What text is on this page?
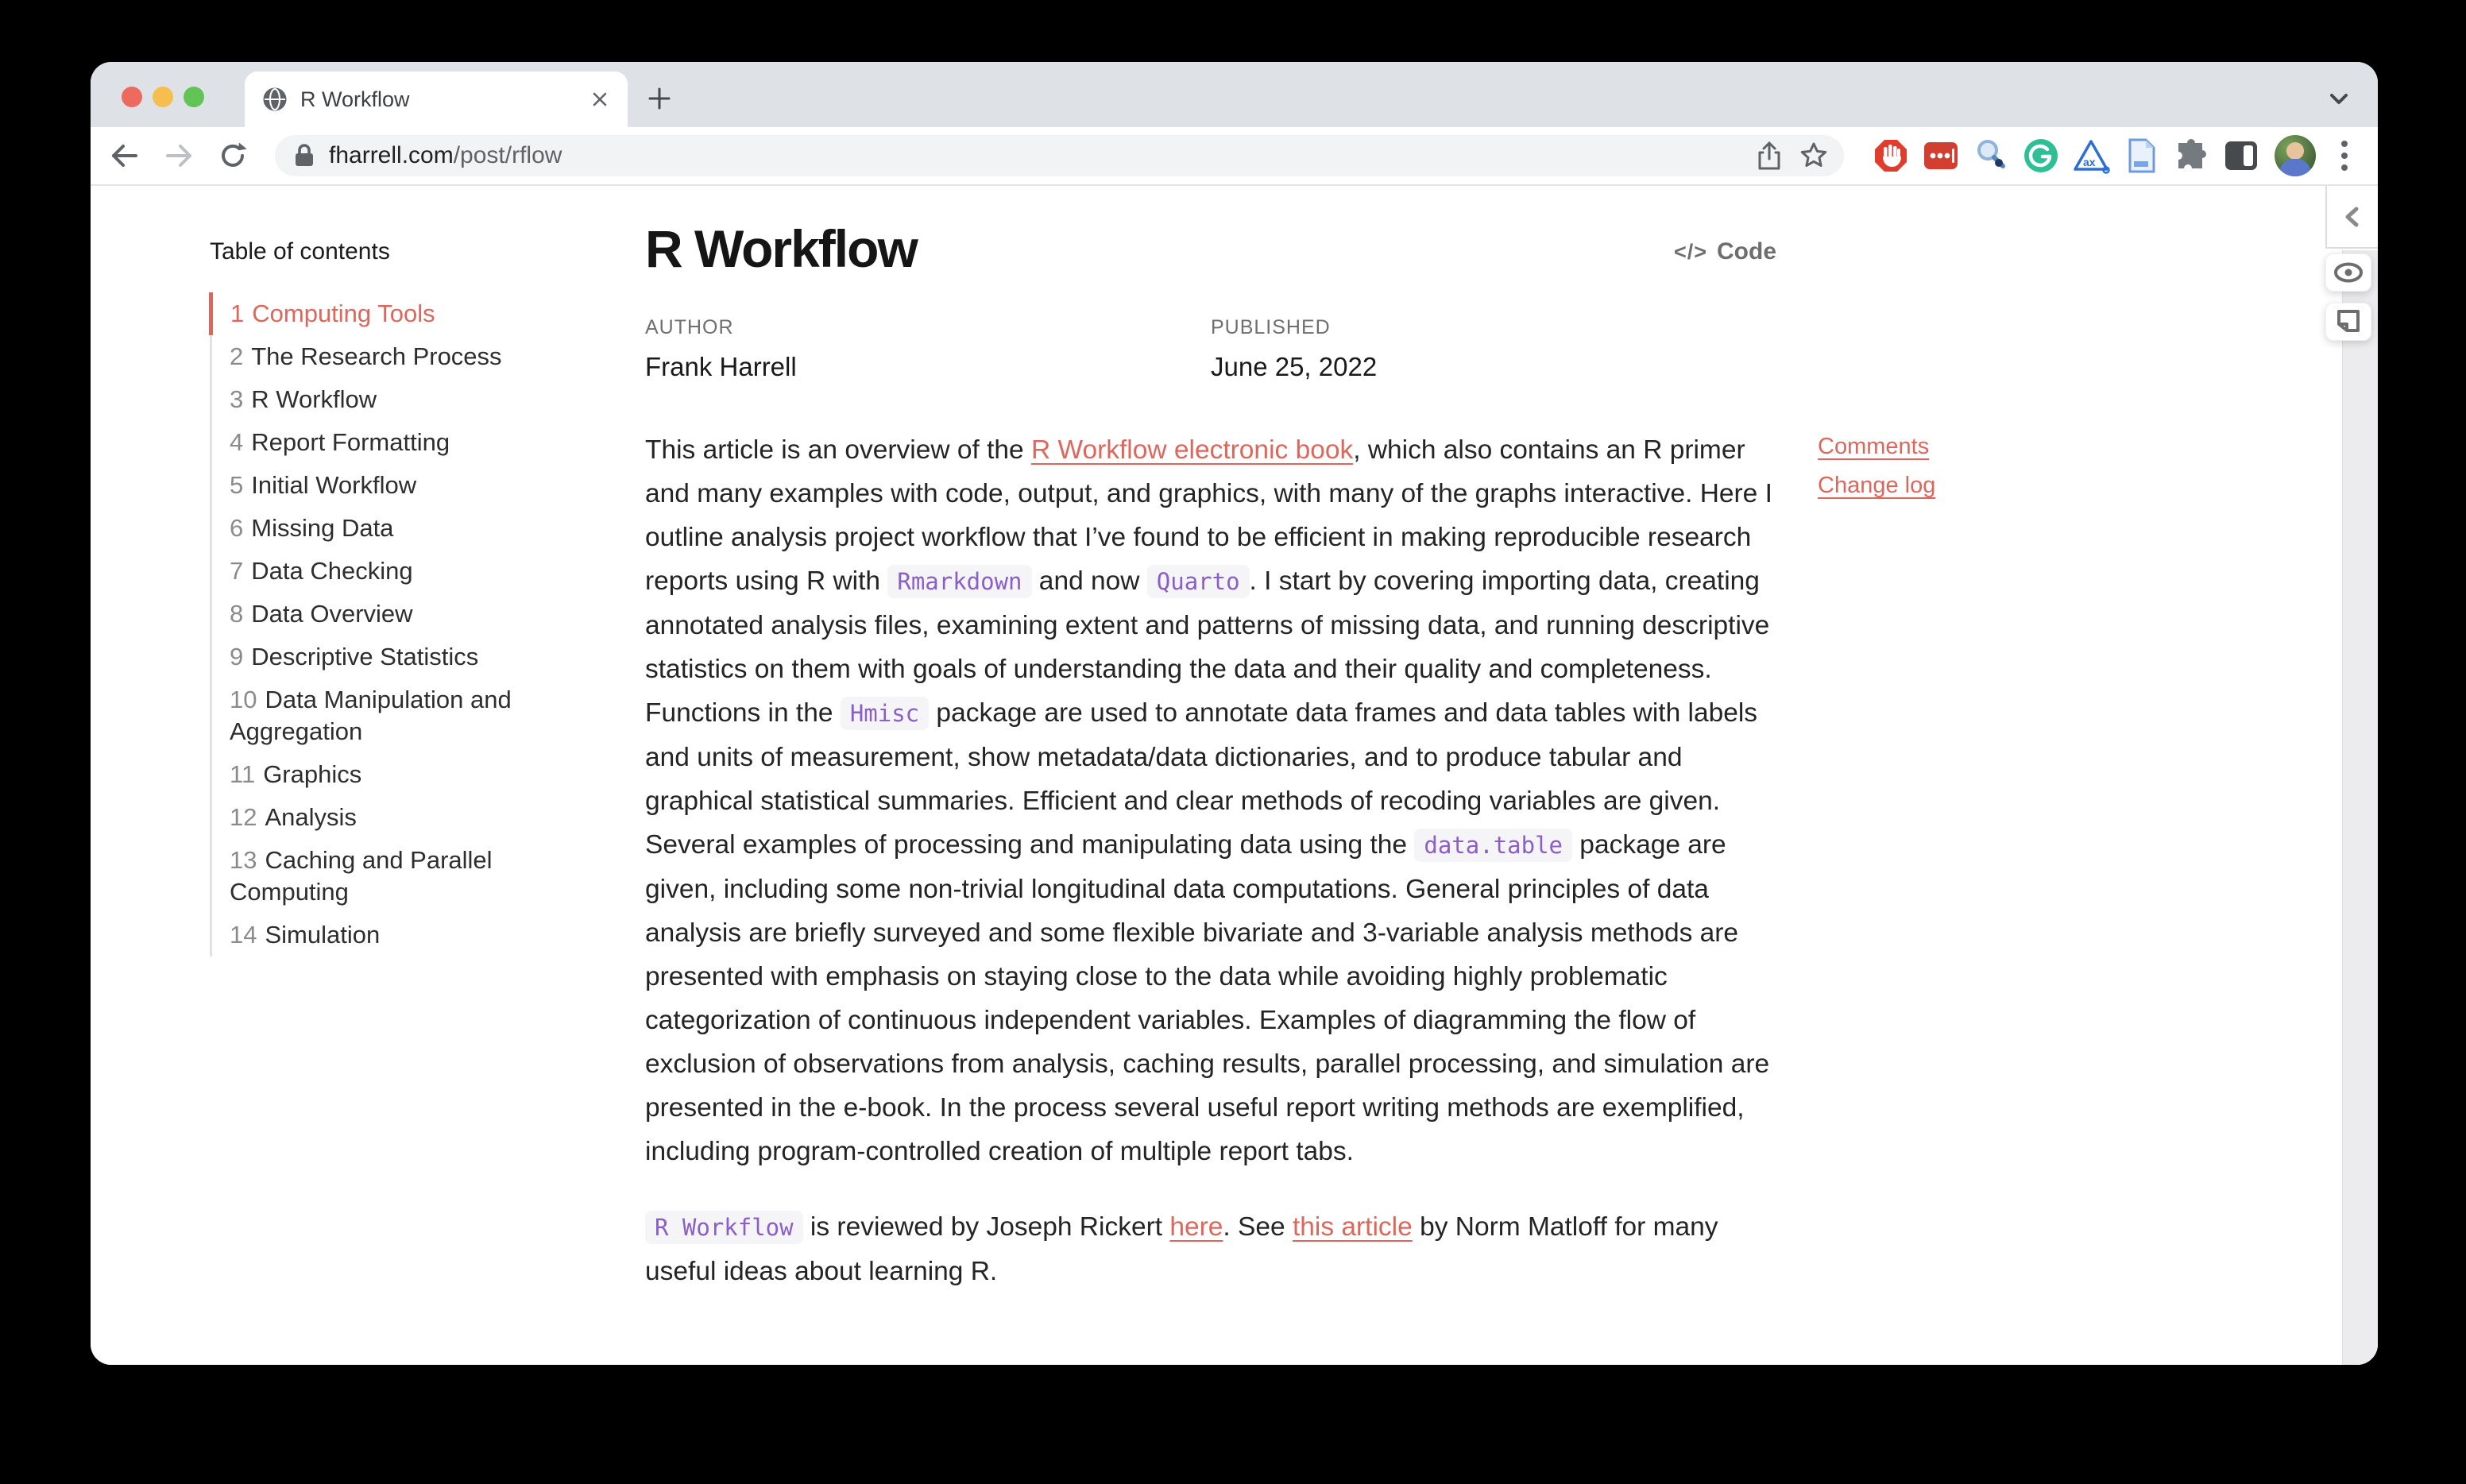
R Workflow
fharrell.com/post/rflow	ax
Table of contents
1 Computing Tools
2 The Research Process
3 R Workflow
4 Report Formatting
5 Initial Workflow
6 Missing Data
7 Data Checking
8 Data Overview
9 Descriptive Statistics
10 Data Manipulation and Aggregation
11 Graphics
12 Analysis
13 Caching and Parallel Computing
14 Simulation
R Workflow	</> Code
AUTHOR
Frank Harrell
PUBLISHED
June 25, 2022

This article is an overview of the R Workflow electronic book, which also contains an R primer and many examples with code, output, and graphics, with many of the graphs interactive. Here I outline analysis project workflow that I’ve found to be efficient in making reproducible research reports using R with Rmarkdown and now Quarto . I start by covering importing data, creating annotated analysis files, examining extent and patterns of missing data, and running descriptive statistics on them with goals of understanding the data and their quality and completeness. Functions in the Hmisc package are used to annotate data frames and data tables with labels and units of measurement, show metadata/data dictionaries, and to produce tabular and graphical statistical summaries. Efficient and clear methods of recoding variables are given. Several examples of processing and manipulating data using the data.table package are given, including some non-trivial longitudinal data computations. General principles of data analysis are briefly surveyed and some flexible bivariate and 3-variable analysis methods are presented with emphasis on staying close to the data while avoiding highly problematic categorization of continuous independent variables. Examples of diagramming the flow of exclusion of observations from analysis, caching results, parallel processing, and simulation are presented in the e-book. In the process several useful report writing methods are exemplified, including program-controlled creation of multiple report tabs.

R Workflow is reviewed by Joseph Rickert here. See this article by Norm Matloff for many useful ideas about learning R.

Comments
Change log
